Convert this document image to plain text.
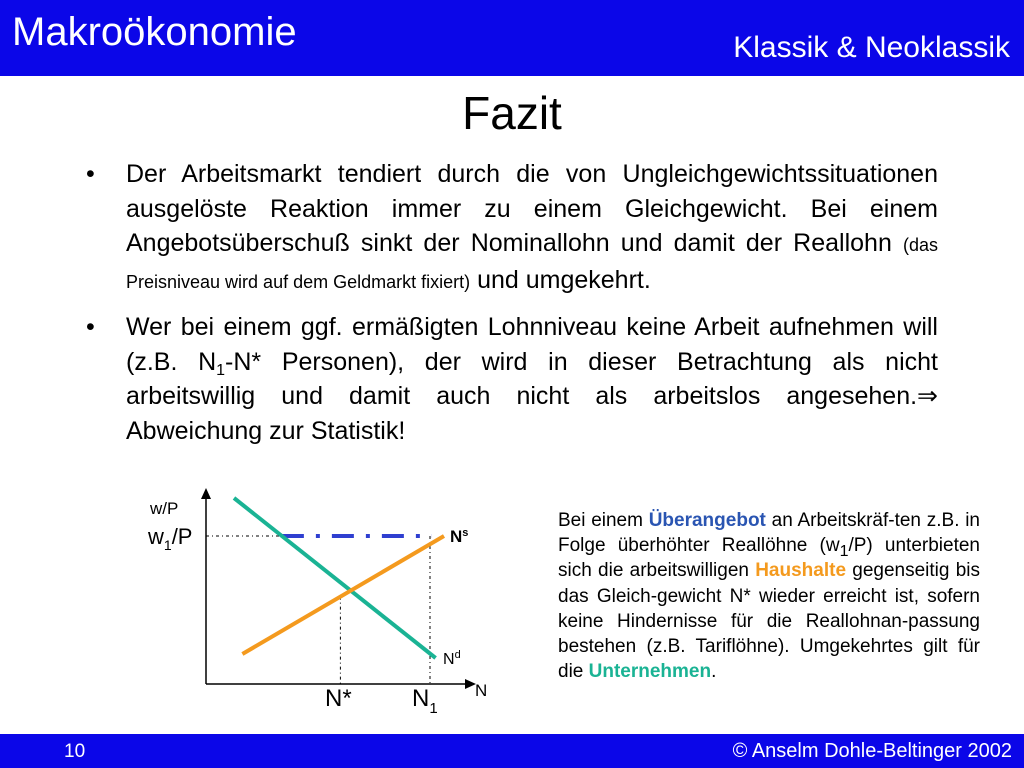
Makroökonomie	Klassik & Neoklassik
Fazit
• Der Arbeitsmarkt tendiert durch die von Ungleichgewichtssituationen ausgelöste Reaktion immer zu einem Gleichgewicht. Bei einem Angebotsüberschuß sinkt der Nominallohn und damit der Reallohn (das Preisniveau wird auf dem Geldmarkt fixiert) und umgekehrt.
• Wer bei einem ggf. ermäßigten Lohnniveau keine Arbeit aufnehmen will (z.B. $N_1-N*$ Personen), der wird in dieser Betrachtung als nicht arbeitswillig und damit auch nicht als arbeitslos angesehen.⇒ Abweichung zur Statistik!
w/P
N
$w_1/P$	$N^s$
$N^d$
N*	$N_1$
Bei einem Überangebot an Arbeitskräf-ten z.B. in Folge überhöhter Reallöhne $(w_1/P)$ unterbieten sich die arbeitswilligen Haushalte gegenseitig bis das Gleich-gewicht N* wieder erreicht ist, sofern keine Hindernisse für die Reallohnan-passung bestehen (z.B. Tariflöhne). Umgekehrtes gilt für die Unternehmen.
10	© Anselm Dohle-Beltinger 2002
